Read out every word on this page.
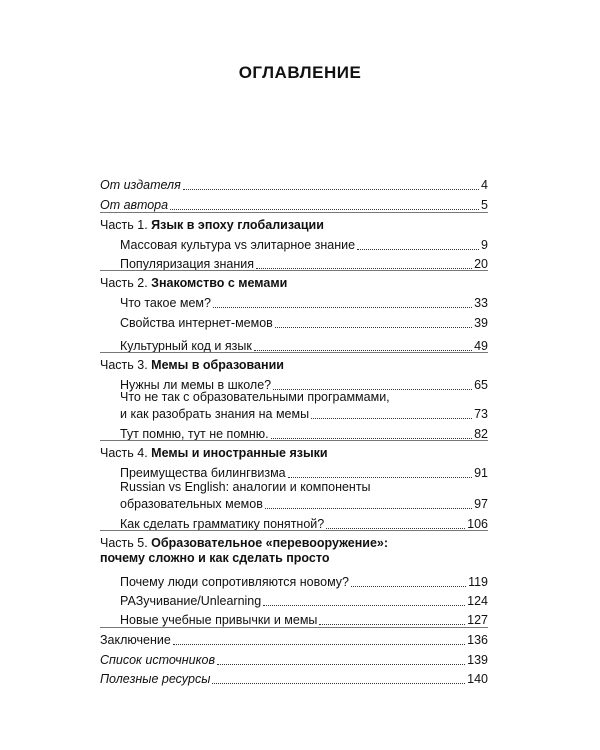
ОГЛАВЛЕНИЕ
От издателя	4
От автора	5
Часть 1. Язык в эпоху глобализации
Массовая культура vs элитарное знание	9
Популяризация знания	20
Часть 2. Знакомство с мемами
Что такое мем?	33
Свойства интернет-мемов	39
Культурный код и язык	49
Часть 3. Мемы в образовании
Нужны ли мемы в школе?	65
Что не так с образовательными программами,
и как разобрать знания на мемы	73
Тут помню, тут не помню.	82
Часть 4. Мемы и иностранные языки
Преимущества билингвизма	91
Russian vs English: аналогии и компоненты
образовательных мемов	97
Как сделать грамматику понятной?	106
Часть 5. Образовательное «перевооружение»:
почему сложно и как сделать просто
Почему люди сопротивляются новому?	119
РАЗучивание/Unlearning	124
Новые учебные привычки и мемы	127
Заключение	136
Список источников	139
Полезные ресурсы	140
